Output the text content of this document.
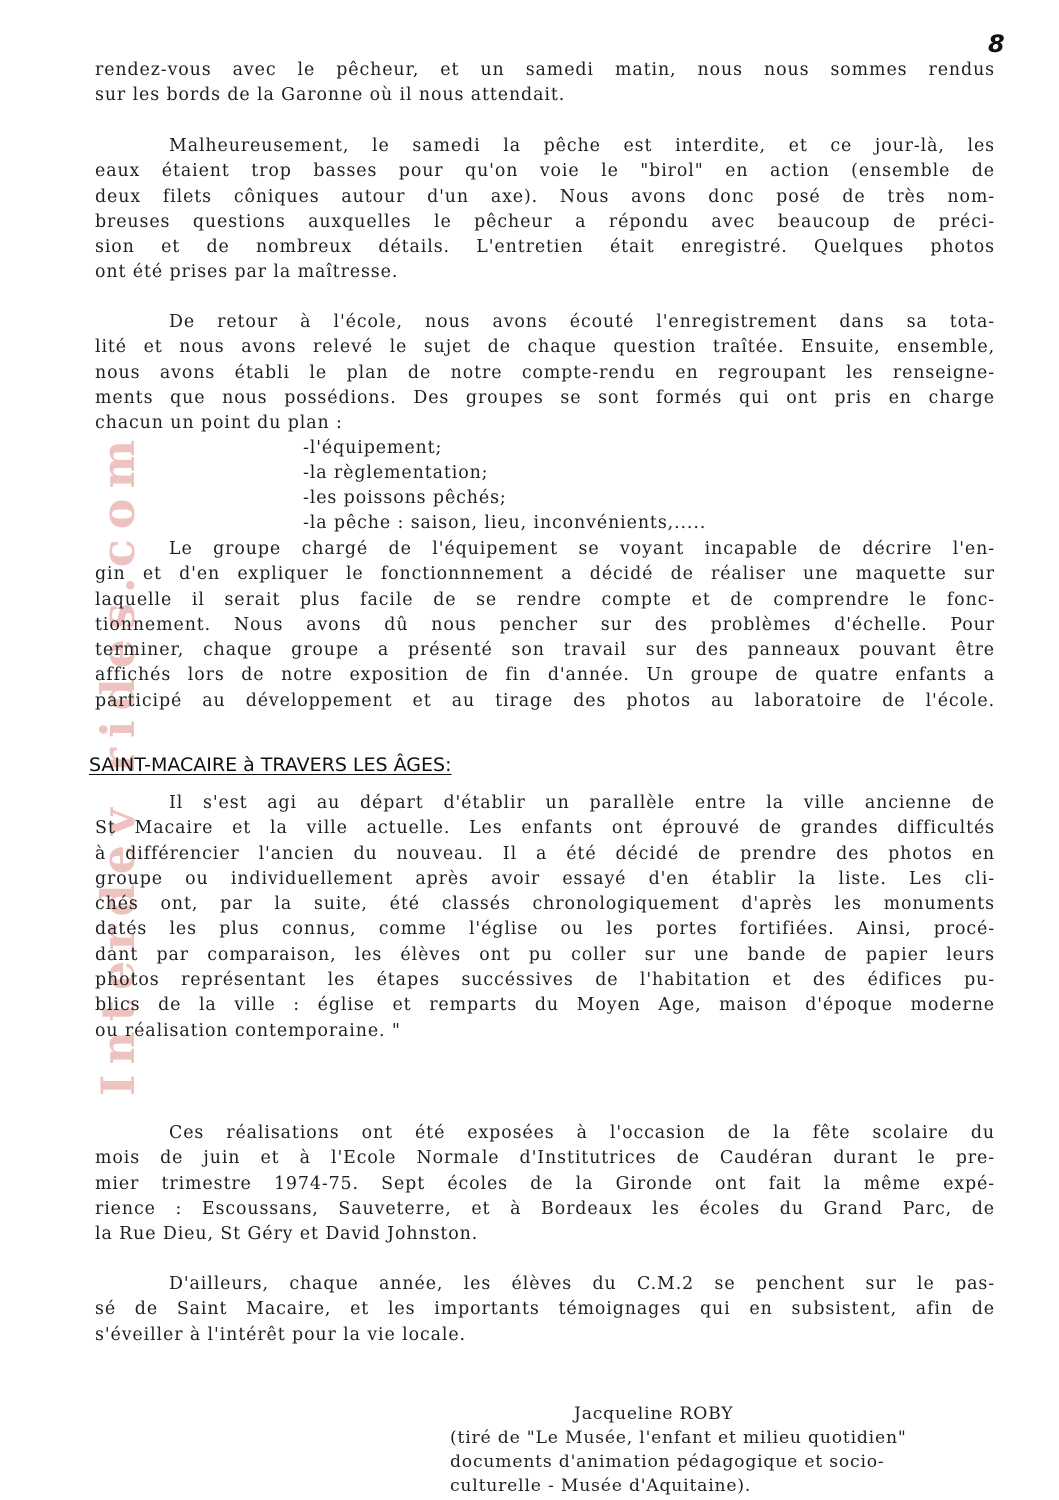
8
Interdev rides.com
rendez-vous avec le pêcheur, et un samedi matin, nous nous sommes rendus
sur les bords de la Garonne où il nous attendait.
Malheureusement, le samedi la pêche est interdite, et ce jour-là, les
eaux étaient trop basses pour qu'on voie le "birol" en action (ensemble de
deux filets côniques autour d'un axe). Nous avons donc posé de très nom-
breuses questions auxquelles le pêcheur a répondu avec beaucoup de préci-
sion et de nombreux détails. L'entretien était enregistré. Quelques photos
ont été prises par la maîtresse.
De retour à l'école, nous avons écouté l'enregistrement dans sa tota-
lité et nous avons relevé le sujet de chaque question traîtée. Ensuite, ensemble,
nous avons établi le plan de notre compte-rendu en regroupant les renseigne-
ments que nous possédions. Des groupes se sont formés qui ont pris en charge
chacun un point du plan :
-l'équipement;
-la règlementation;
-les poissons pêchés;
-la pêche : saison, lieu, inconvénients,.....
Le groupe chargé de l'équipement se voyant incapable de décrire l'en-
gin et d'en expliquer le fonctionnnement a décidé de réaliser une maquette sur
laquelle il serait plus facile de se rendre compte et de comprendre le fonc-
tionnement. Nous avons dû nous pencher sur des problèmes d'échelle. Pour
terminer, chaque groupe a présenté son travail sur des panneaux pouvant être
affichés lors de notre exposition de fin d'année. Un groupe de quatre enfants a
participé au développement et au tirage des photos au laboratoire de l'école.
SAINT-MACAIRE à TRAVERS LES ÂGES:
Il s'est agi au départ d'établir un parallèle entre la ville ancienne de
St Macaire et la ville actuelle. Les enfants ont éprouvé de grandes difficultés
à différencier l'ancien du nouveau. Il a été décidé de prendre des photos en
groupe ou individuellement après avoir essayé d'en établir la liste. Les cli-
chés ont, par la suite, été classés chronologiquement d'après les monuments
datés les plus connus, comme l'église ou les portes fortifiées. Ainsi, procé-
dant par comparaison, les élèves ont pu coller sur une bande de papier leurs
photos représentant les étapes succéssives de l'habitation et des édifices pu-
blics de la ville : église et remparts du Moyen Age, maison d'époque moderne
ou réalisation contemporaine. "
Ces réalisations ont été exposées à l'occasion de la fête scolaire du
mois de juin et à l'Ecole Normale d'Institutrices de Caudéran durant le pre-
mier trimestre 1974-75. Sept écoles de la Gironde ont fait la même expé-
rience : Escoussans, Sauveterre, et à Bordeaux les écoles du Grand Parc, de
la Rue Dieu, St Géry et David Johnston.
D'ailleurs, chaque année, les élèves du C.M.2 se penchent sur le pas-
sé de Saint Macaire, et les importants témoignages qui en subsistent, afin de
s'éveiller à l'intérêt pour la vie locale.
Jacqueline ROBY
(tiré de "Le Musée, l'enfant et milieu quotidien"
documents d'animation pédagogique et socio-
culturelle - Musée d'Aquitaine).
